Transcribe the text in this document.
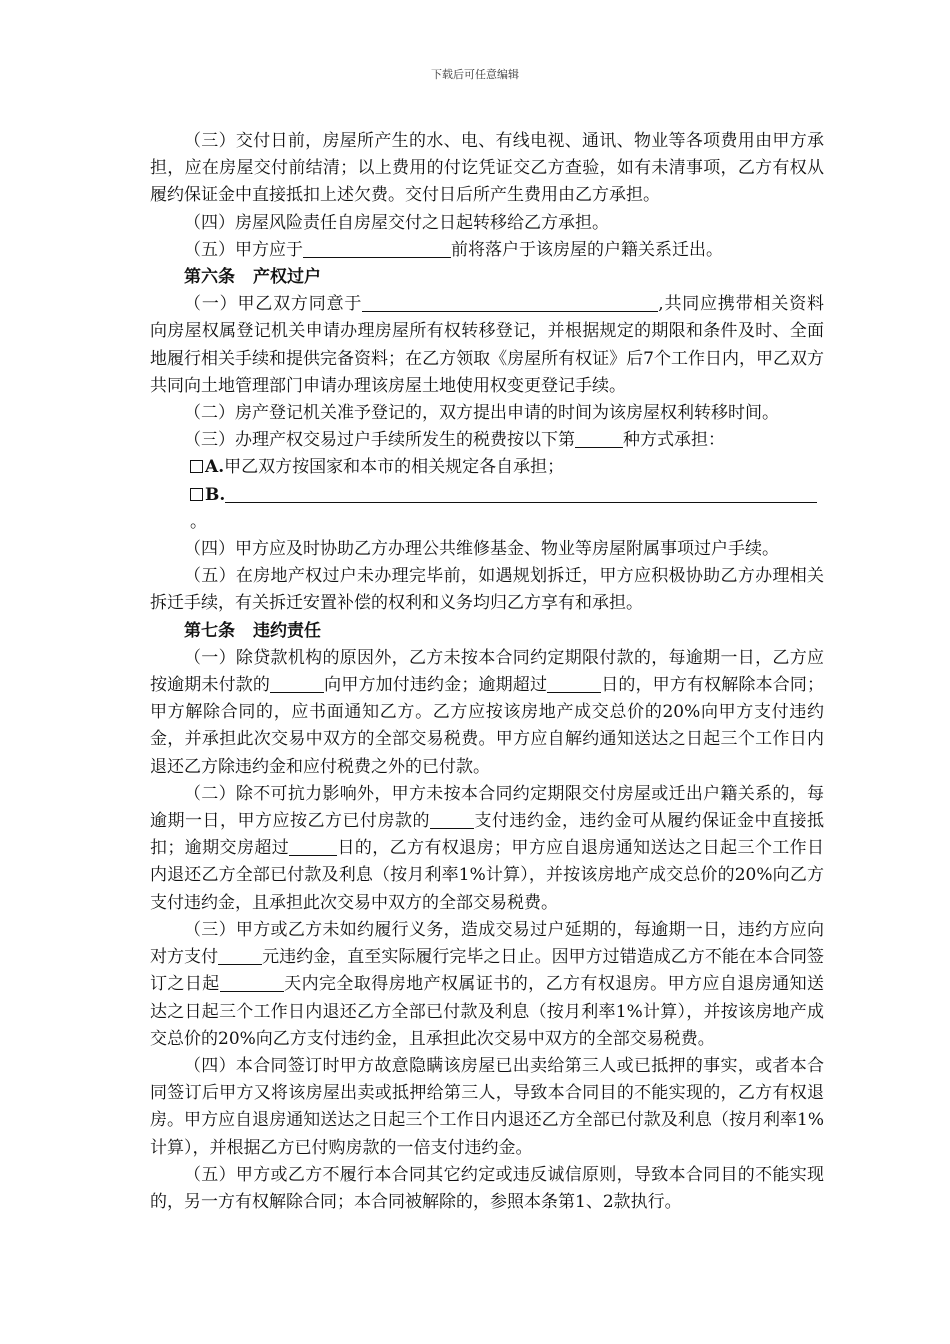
下载后可任意编辑

（三）交付日前，房屋所产生的水、电、有线电视、通讯、物业等各项费用由甲方承担，应在房屋交付前结清；以上费用的付讫凭证交乙方查验，如有未清事项，乙方有权从履约保证金中直接抵扣上述欠费。交付日后所产生费用由乙方承担。

（四）房屋风险责任自房屋交付之日起转移给乙方承担。

（五）甲方应于	前将落户于该房屋的户籍关系迁出。

第六条 产权过户

（一）甲乙双方同意于	,共同应携带相关资料向房屋权属登记机关申请办理房屋所有权转移登记，并根据规定的期限和条件及时、全面地履行相关手续和提供完备资料；在乙方领取《房屋所有权证》后7个工作日内，甲乙双方共同向土地管理部门申请办理该房屋土地使用权变更登记手续。

（二）房产登记机关准予登记的，双方提出申请的时间为该房屋权利转移时间。

（三）办理产权交易过户手续所发生的税费按以下第	种方式承担：

A.甲乙双方按国家和本市的相关规定各自承担；

B.。

（四）甲方应及时协助乙方办理公共维修基金、物业等房屋附属事项过户手续。

（五）在房地产权过户未办理完毕前，如遇规划拆迁，甲方应积极协助乙方办理相关拆迁手续，有关拆迁安置补偿的权利和义务均归乙方享有和承担。

第七条 违约责任

（一）除贷款机构的原因外，乙方未按本合同约定期限付款的，每逾期一日，乙方应按逾期未付款的	向甲方加付违约金；逾期超过	日的，甲方有权解除本合同；甲方解除合同的，应书面通知乙方。乙方应按该房地产成交总价的20%向甲方支付违约金，并承担此次交易中双方的全部交易税费。甲方应自解约通知送达之日起三个工作日内退还乙方除违约金和应付税费之外的已付款。

（二）除不可抗力影响外，甲方未按本合同约定期限交付房屋或迁出户籍关系的，每逾期一日，甲方应按乙方已付房款的	支付违约金，违约金可从履约保证金中直接抵扣；逾期交房超过	日的，乙方有权退房；甲方应自退房通知送达之日起三个工作日内退还乙方全部已付款及利息（按月利率1%计算），并按该房地产成交总价的20%向乙方支付违约金，且承担此次交易中双方的全部交易税费。

（三）甲方或乙方未如约履行义务，造成交易过户延期的，每逾期一日，违约方应向对方支付	元违约金，直至实际履行完毕之日止。因甲方过错造成乙方不能在本合同签订之日起	天内完全取得房地产权属证书的，乙方有权退房。甲方应自退房通知送达之日起三个工作日内退还乙方全部已付款及利息（按月利率1%计算），并按该房地产成交总价的20%向乙方支付违约金，且承担此次交易中双方的全部交易税费。

（四）本合同签订时甲方故意隐瞒该房屋已出卖给第三人或已抵押的事实，或者本合同签订后甲方又将该房屋出卖或抵押给第三人，导致本合同目的不能实现的，乙方有权退房。甲方应自退房通知送达之日起三个工作日内退还乙方全部已付款及利息（按月利率1%计算），并根据乙方已付购房款的一倍支付违约金。

（五）甲方或乙方不履行本合同其它约定或违反诚信原则，导致本合同目的不能实现的，另一方有权解除合同；本合同被解除的，参照本条第1、2款执行。
